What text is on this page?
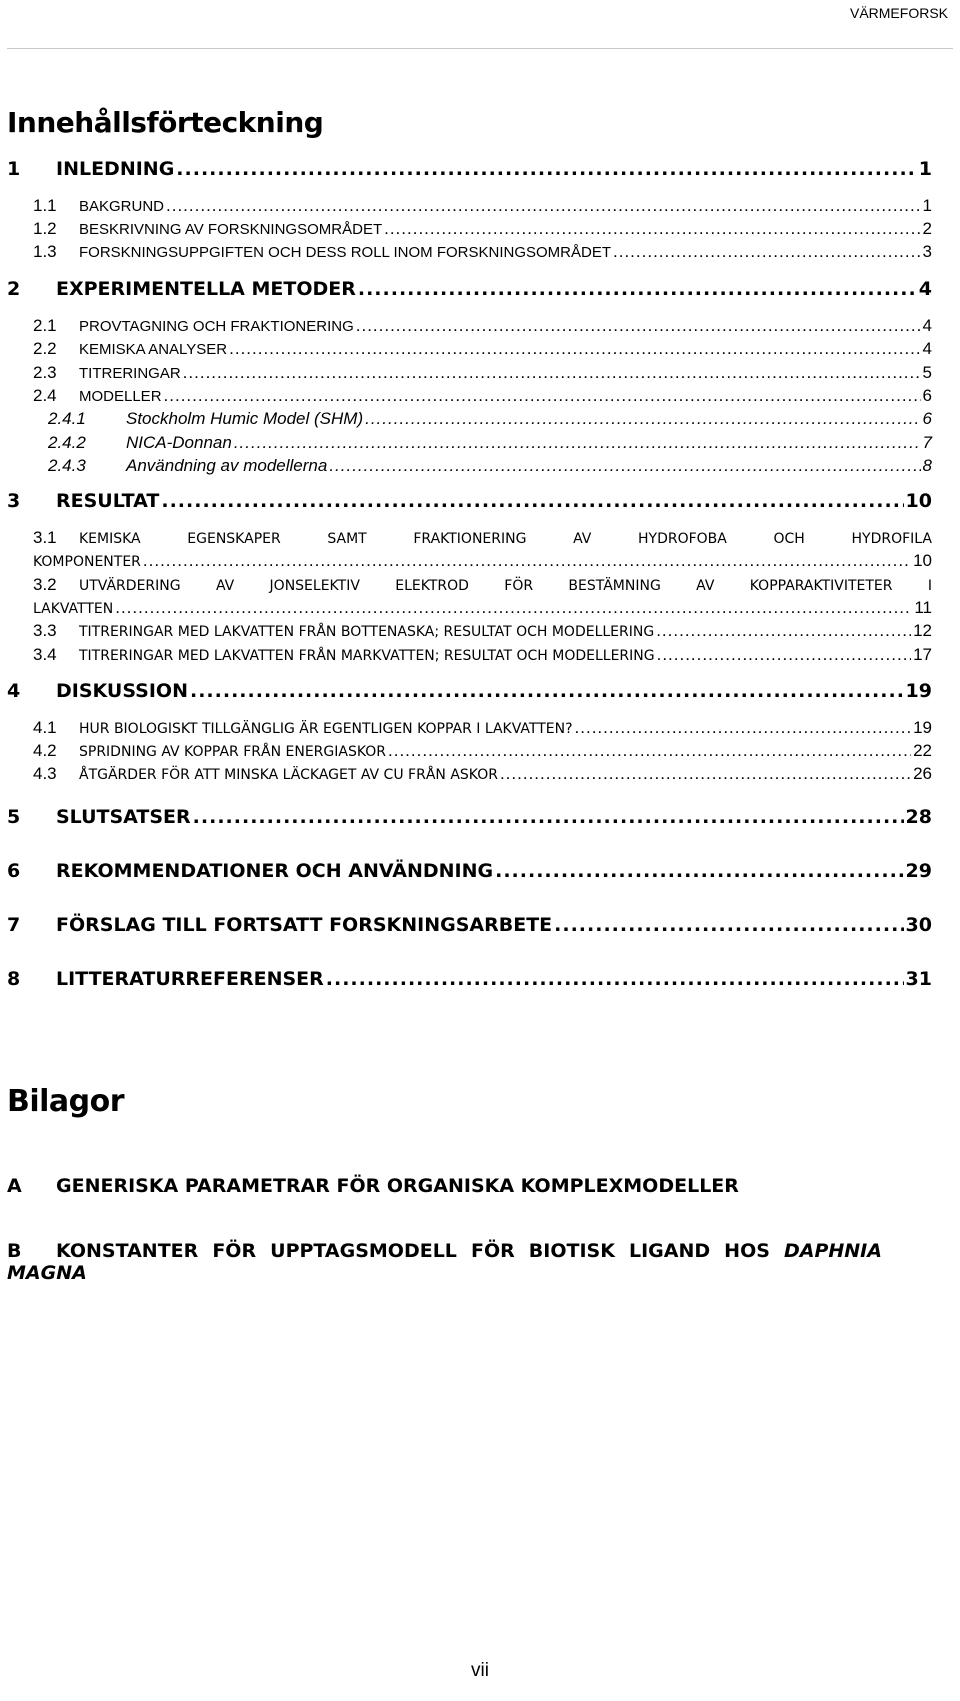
VÄRMEFORSK
Innehållsförteckning
1	INLEDNING .....	1
1.1	BAKGRUND .....	1
1.2	BESKRIVNING AV FORSKNINGSOMRÅDET .....	2
1.3	FORSKNINGSUPPGIFTEN OCH DESS ROLL INOM FORSKNINGSOMRÅDET .....	3
2	EXPERIMENTELLA METODER .....	4
2.1	PROVTAGNING OCH FRAKTIONERING .....	4
2.2	KEMISKA ANALYSER .....	4
2.3	TITRERINGAR .....	5
2.4	MODELLER .....	6
2.4.1	Stockholm Humic Model (SHM) .....	6
2.4.2	NICA-Donnan .....	7
2.4.3	Användning av modellerna .....	8
3	RESULTAT .....	10
3.1	KEMISKA	EGENSKAPER	SAMT	FRAKTIONERING	AV	HYDROFOBA	OCH	HYDROFILA
KOMPONENTER .....	10
3.2	UTVÄRDERING	AV	JONSELEKTIV	ELEKTROD	FÖR	BESTÄMNING	AV	KOPPARAKTIVITETER	I
LAKVATTEN .....	11
3.3	TITRERINGAR MED LAKVATTEN FRÅN BOTTENASKA; RESULTAT OCH MODELLERING .....	12
3.4	TITRERINGAR MED LAKVATTEN FRÅN MARKVATTEN; RESULTAT OCH MODELLERING .....	17
4	DISKUSSION .....	19
4.1	HUR BIOLOGISKT TILLGÄNGLIG ÄR EGENTLIGEN KOPPAR I LAKVATTEN? .....	19
4.2	SPRIDNING AV KOPPAR FRÅN ENERGIASKOR .....	22
4.3	ÅTGÄRDER FÖR ATT MINSKA LÄCKAGET AV CU FRÅN ASKOR .....	26
5	SLUTSATSER .....	28
6	REKOMMENDATIONER OCH ANVÄNDNING .....	29
7	FÖRSLAG TILL FORTSATT FORSKNINGSARBETE .....	30
8	LITTERATURREFERENSER .....	31
Bilagor
A	GENERISKA PARAMETRAR FÖR ORGANISKA KOMPLEXMODELLER
B	KONSTANTER FÖR UPPTAGSMODELL FÖR BIOTISK LIGAND HOS DAPHNIA
MAGNA
vii
